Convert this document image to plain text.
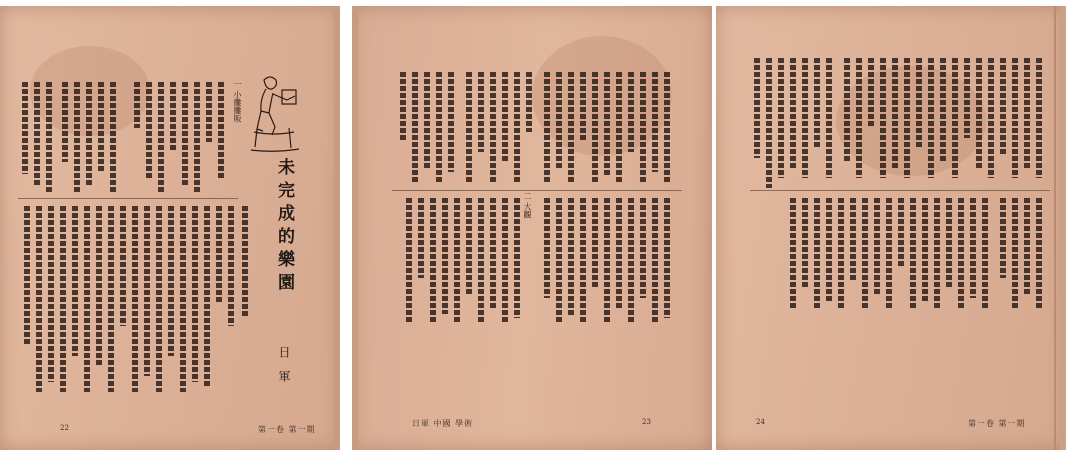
未完成的樂園
日 軍
一 小攤攤販
22	第一卷 第一期
二 大觀
日軍 中國 學術	23	24	第一卷 第一期
